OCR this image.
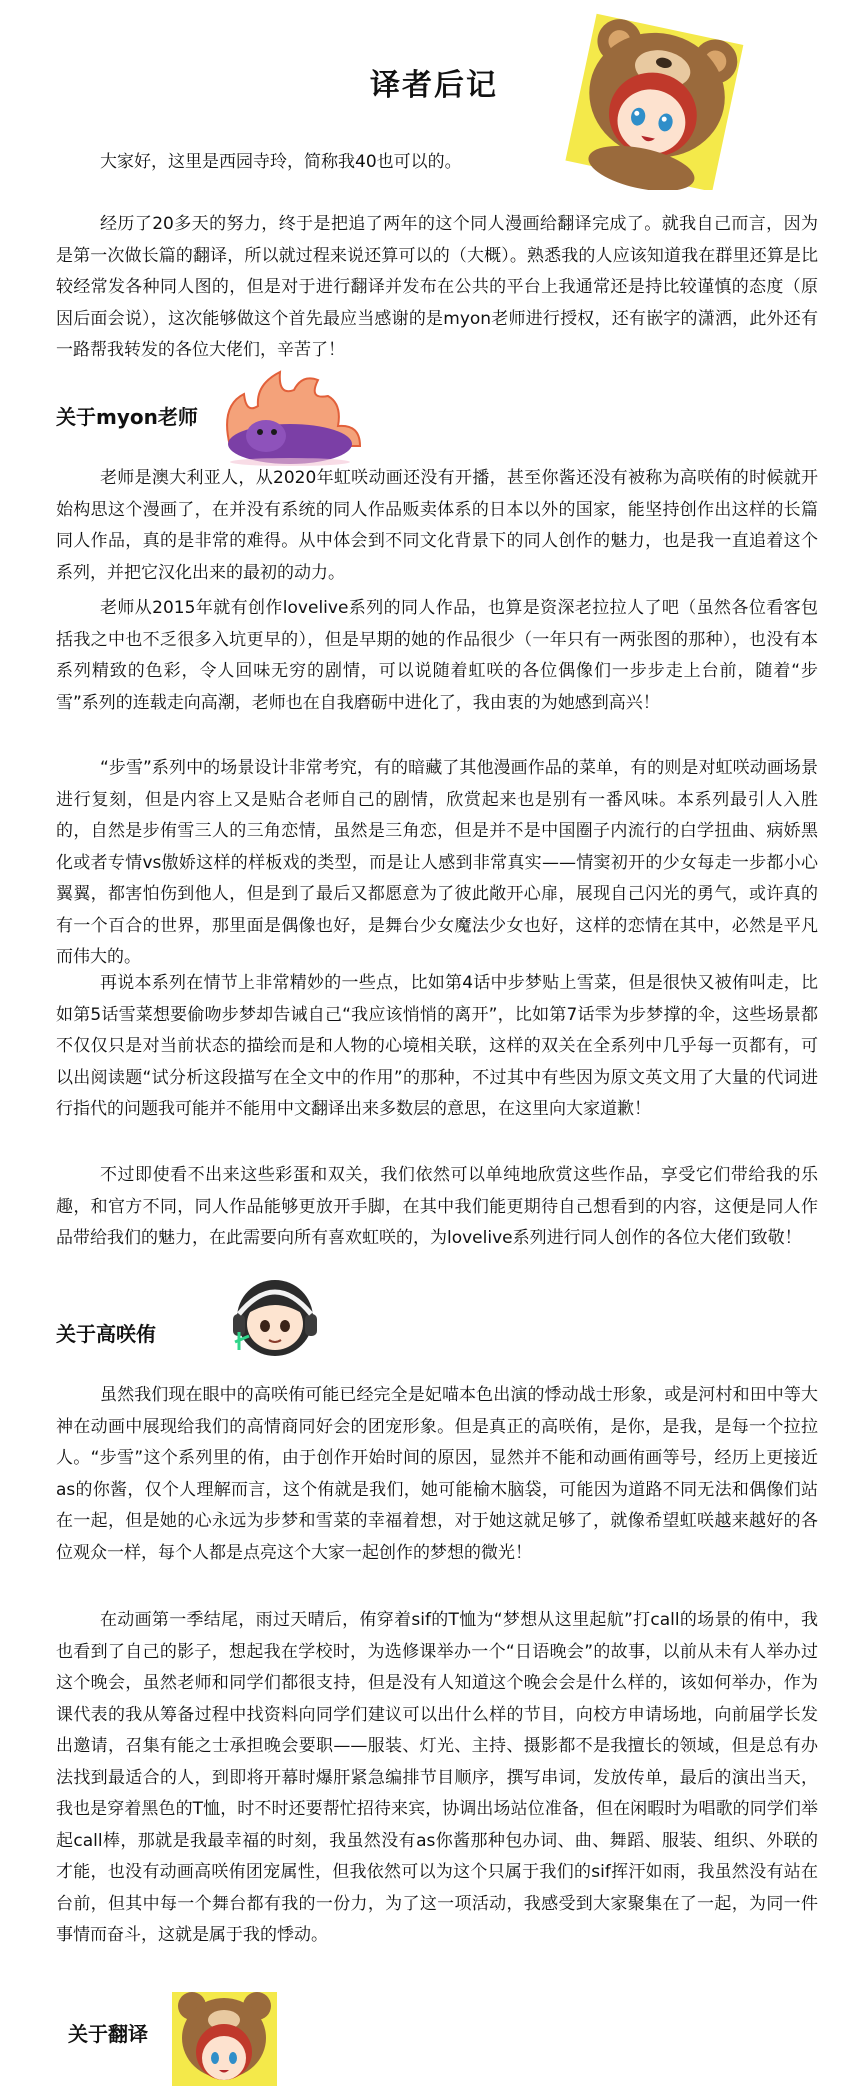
译者后记
大家好，这里是西园寺玲，简称我40也可以的。
经历了20多天的努力，终于是把追了两年的这个同人漫画给翻译完成了。就我自己而言，因为是第一次做长篇的翻译，所以就过程来说还算可以的（大概）。熟悉我的人应该知道我在群里还算是比较经常发各种同人图的，但是对于进行翻译并发布在公共的平台上我通常还是持比较谨慎的态度（原因后面会说），这次能够做这个首先最应当感谢的是myon老师进行授权，还有嵌字的潇洒，此外还有一路帮我转发的各位大佬们，辛苦了！
关于myon老师
老师是澳大利亚人，从2020年虹咲动画还没有开播，甚至你酱还没有被称为高咲侑的时候就开始构思这个漫画了，在并没有系统的同人作品贩卖体系的日本以外的国家，能坚持创作出这样的长篇同人作品，真的是非常的难得。从中体会到不同文化背景下的同人创作的魅力，也是我一直追着这个系列，并把它汉化出来的最初的动力。
老师从2015年就有创作lovelive系列的同人作品，也算是资深老拉拉人了吧（虽然各位看客包括我之中也不乏很多入坑更早的），但是早期的她的作品很少（一年只有一两张图的那种），也没有本系列精致的色彩，令人回味无穷的剧情，可以说随着虹咲的各位偶像们一步步走上台前，随着“步雪”系列的连载走向高潮，老师也在自我磨砺中进化了，我由衷的为她感到高兴！
“步雪”系列中的场景设计非常考究，有的暗藏了其他漫画作品的菜单，有的则是对虹咲动画场景进行复刻，但是内容上又是贴合老师自己的剧情，欣赏起来也是别有一番风味。本系列最引人入胜的，自然是步侑雪三人的三角恋情，虽然是三角恋，但是并不是中国圈子内流行的白学扭曲、病娇黑化或者专情vs傲娇这样的样板戏的类型，而是让人感到非常真实——情窦初开的少女每走一步都小心翼翼，都害怕伤到他人，但是到了最后又都愿意为了彼此敞开心扉，展现自己闪光的勇气，或许真的有一个百合的世界，那里面是偶像也好，是舞台少女魔法少女也好，这样的恋情在其中，必然是平凡而伟大的。
再说本系列在情节上非常精妙的一些点，比如第4话中步梦贴上雪菜，但是很快又被侑叫走，比如第5话雪菜想要偷吻步梦却告诫自己“我应该悄悄的离开”，比如第7话雫为步梦撑的伞，这些场景都不仅仅只是对当前状态的描绘而是和人物的心境相关联，这样的双关在全系列中几乎每一页都有，可以出阅读题“试分析这段描写在全文中的作用”的那种，不过其中有些因为原文英文用了大量的代词进行指代的问题我可能并不能用中文翻译出来多数层的意思，在这里向大家道歉！
不过即使看不出来这些彩蛋和双关，我们依然可以单纯地欣赏这些作品，享受它们带给我的乐趣，和官方不同，同人作品能够更放开手脚，在其中我们能更期待自己想看到的内容，这便是同人作品带给我们的魅力，在此需要向所有喜欢虹咲的，为lovelive系列进行同人创作的各位大佬们致敬！
关于高咲侑
虽然我们现在眼中的高咲侑可能已经完全是妃喵本色出演的悸动战士形象，或是河村和田中等大神在动画中展现给我们的高情商同好会的团宠形象。但是真正的高咲侑，是你，是我，是每一个拉拉人。“步雪”这个系列里的侑，由于创作开始时间的原因，显然并不能和动画侑画等号，经历上更接近as的你酱，仅个人理解而言，这个侑就是我们，她可能榆木脑袋，可能因为道路不同无法和偶像们站在一起，但是她的心永远为步梦和雪菜的幸福着想，对于她这就足够了，就像希望虹咲越来越好的各位观众一样，每个人都是点亮这个大家一起创作的梦想的微光！
在动画第一季结尾，雨过天晴后，侑穿着sif的T恤为“梦想从这里起航”打call的场景的侑中，我也看到了自己的影子，想起我在学校时，为选修课举办一个“日语晚会”的故事，以前从未有人举办过这个晚会，虽然老师和同学们都很支持，但是没有人知道这个晚会会是什么样的，该如何举办，作为课代表的我从筹备过程中找资料向同学们建议可以出什么样的节目，向校方申请场地，向前届学长发出邀请，召集有能之士承担晚会要职——服装、灯光、主持、摄影都不是我擅长的领域，但是总有办法找到最适合的人，到即将开幕时爆肝紧急编排节目顺序，撰写串词，发放传单，最后的演出当天，我也是穿着黑色的T恤，时不时还要帮忙招待来宾，协调出场站位准备，但在闲暇时为唱歌的同学们举起call棒，那就是我最幸福的时刻，我虽然没有as你酱那种包办词、曲、舞蹈、服装、组织、外联的才能，也没有动画高咲侑团宠属性，但我依然可以为这个只属于我们的sif挥汗如雨，我虽然没有站在台前，但其中每一个舞台都有我的一份力，为了这一项活动，我感受到大家聚集在了一起，为同一件事情而奋斗，这就是属于我的悸动。
关于翻译
